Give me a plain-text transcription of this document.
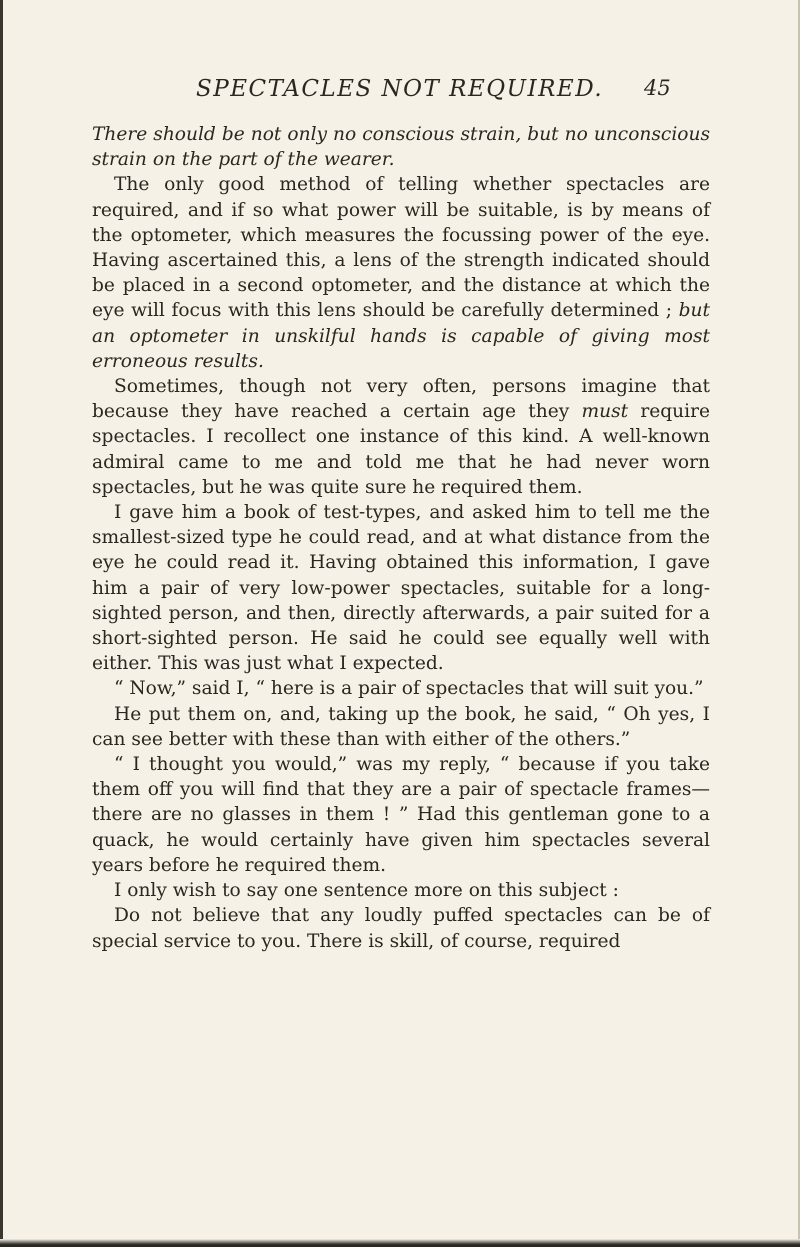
SPECTACLES NOT REQUIRED. 45

There should be not only no conscious strain, but no unconscious strain on the part of the wearer.

The only good method of telling whether spectacles are required, and if so what power will be suitable, is by means of the optometer, which measures the focussing power of the eye. Having ascertained this, a lens of the strength indicated should be placed in a second optometer, and the distance at which the eye will focus with this lens should be carefully determined ; but an optometer in unskilful hands is capable of giving most erroneous results.

Sometimes, though not very often, persons imagine that because they have reached a certain age they must require spectacles. I recollect one instance of this kind. A well-known admiral came to me and told me that he had never worn spectacles, but he was quite sure he required them.

I gave him a book of test-types, and asked him to tell me the smallest-sized type he could read, and at what distance from the eye he could read it. Having obtained this information, I gave him a pair of very low-power spectacles, suitable for a long-sighted person, and then, directly afterwards, a pair suited for a short-sighted person. He said he could see equally well with either. This was just what I expected.

“ Now,” said I, “ here is a pair of spectacles that will suit you.”

He put them on, and, taking up the book, he said, “ Oh yes, I can see better with these than with either of the others.”

“ I thought you would,” was my reply, “ because if you take them off you will find that they are a pair of spectacle frames—there are no glasses in them ! ” Had this gentleman gone to a quack, he would certainly have given him spectacles several years before he required them.

I only wish to say one sentence more on this subject :

Do not believe that any loudly puffed spectacles can be of special service to you. There is skill, of course, required
